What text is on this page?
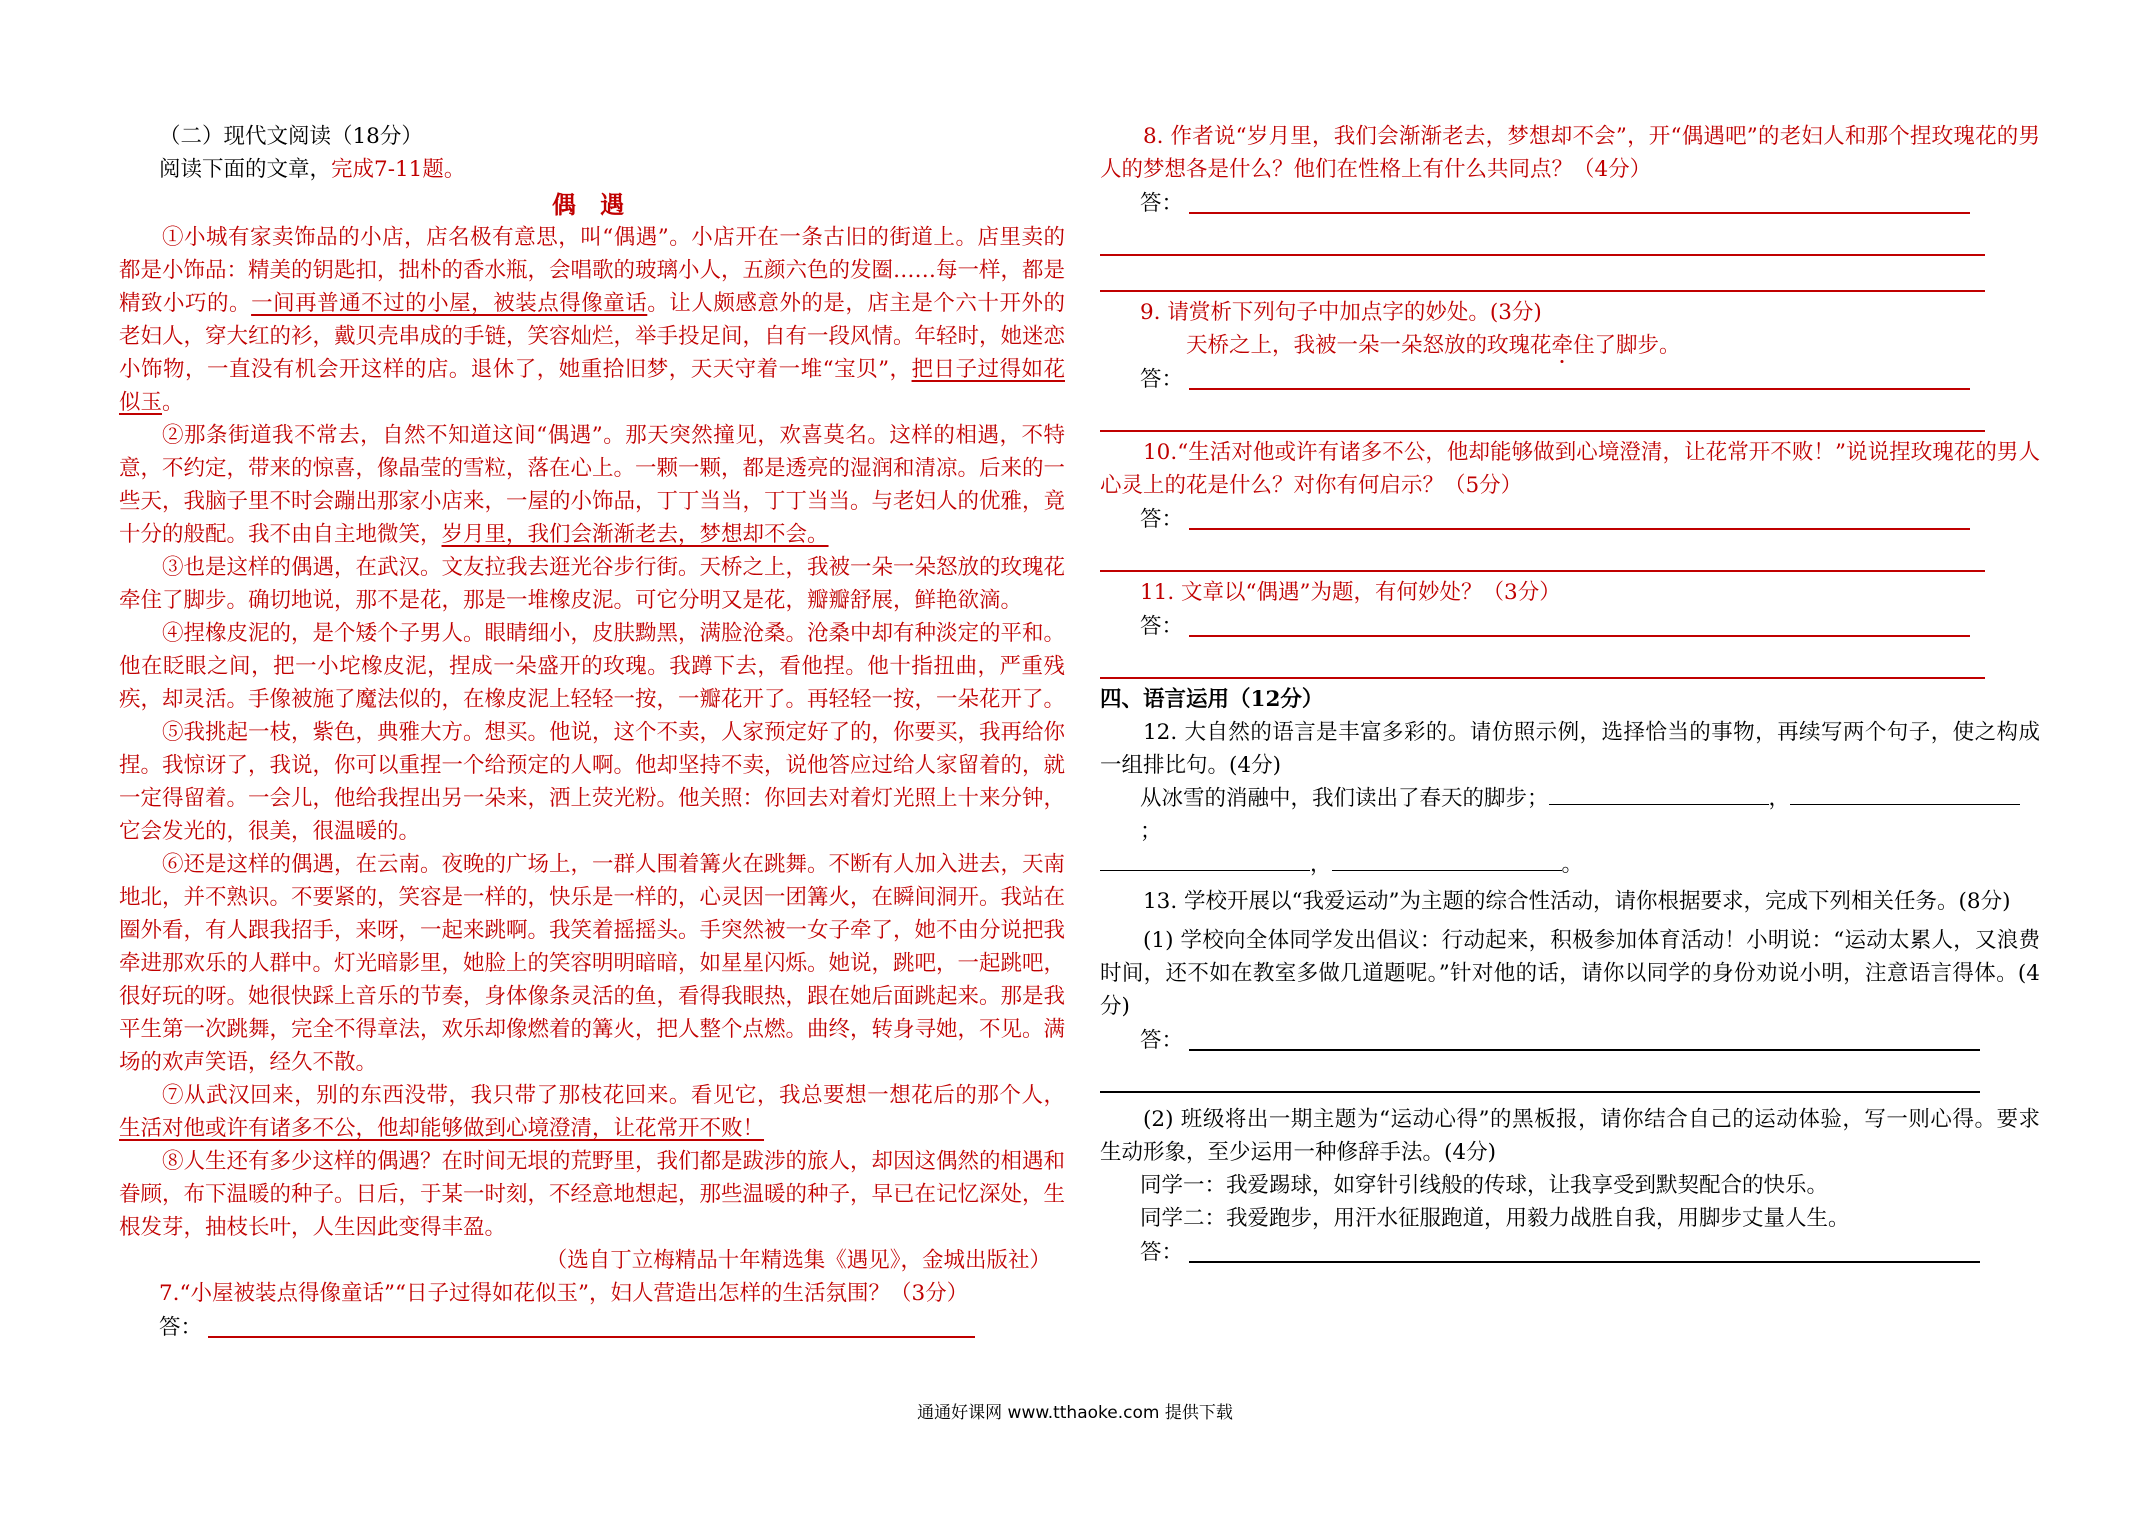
（二）现代文阅读（18分）

阅读下面的文章，完成7-11题。

偶 遇

①小城有家卖饰品的小店，店名极有意思，叫“偶遇”。小店开在一条古旧的街道上。店里卖的都是小饰品：精美的钥匙扣，拙朴的香水瓶，会唱歌的玻璃小人，五颜六色的发圈……每一样，都是精致小巧的。一间再普通不过的小屋，被装点得像童话。让人颇感意外的是，店主是个六十开外的老妇人，穿大红的衫，戴贝壳串成的手链，笑容灿烂，举手投足间，自有一段风情。年轻时，她迷恋小饰物，一直没有机会开这样的店。退休了，她重拾旧梦，天天守着一堆“宝贝”，把日子过得如花似玉。

②那条街道我不常去，自然不知道这间“偶遇”。那天突然撞见，欢喜莫名。这样的相遇，不特意，不约定，带来的惊喜，像晶莹的雪粒，落在心上。一颗一颗，都是透亮的湿润和清凉。后来的一些天，我脑子里不时会蹦出那家小店来，一屋的小饰品，丁丁当当，丁丁当当。与老妇人的优雅，竟十分的般配。我不由自主地微笑，岁月里，我们会渐渐老去，梦想却不会。

③也是这样的偶遇，在武汉。文友拉我去逛光谷步行街。天桥之上，我被一朵一朵怒放的玫瑰花牵住了脚步。确切地说，那不是花，那是一堆橡皮泥。可它分明又是花，瓣瓣舒展，鲜艳欲滴。

④捏橡皮泥的，是个矮个子男人。眼睛细小，皮肤黝黑，满脸沧桑。沧桑中却有种淡定的平和。他在眨眼之间，把一小坨橡皮泥，捏成一朵盛开的玫瑰。我蹲下去，看他捏。他十指扭曲，严重残疾，却灵活。手像被施了魔法似的，在橡皮泥上轻轻一按，一瓣花开了。再轻轻一按，一朵花开了。

⑤我挑起一枝，紫色，典雅大方。想买。他说，这个不卖，人家预定好了的，你要买，我再给你捏。我惊讶了，我说，你可以重捏一个给预定的人啊。他却坚持不卖，说他答应过给人家留着的，就一定得留着。一会儿，他给我捏出另一朵来，洒上荧光粉。他关照：你回去对着灯光照上十来分钟，它会发光的，很美，很温暖的。

⑥还是这样的偶遇，在云南。夜晚的广场上，一群人围着篝火在跳舞。不断有人加入进去，天南地北，并不熟识。不要紧的，笑容是一样的，快乐是一样的，心灵因一团篝火，在瞬间洞开。我站在圈外看，有人跟我招手，来呀，一起来跳啊。我笑着摇摇头。手突然被一女子牵了，她不由分说把我牵进那欢乐的人群中。灯光暗影里，她脸上的笑容明明暗暗，如星星闪烁。她说，跳吧，一起跳吧，很好玩的呀。她很快踩上音乐的节奏，身体像条灵活的鱼，看得我眼热，跟在她后面跳起来。那是我平生第一次跳舞，完全不得章法，欢乐却像燃着的篝火，把人整个点燃。曲终，转身寻她，不见。满场的欢声笑语，经久不散。

⑦从武汉回来，别的东西没带，我只带了那枝花回来。看见它，我总要想一想花后的那个人，生活对他或许有诸多不公，他却能够做到心境澄清，让花常开不败！

⑧人生还有多少这样的偶遇？在时间无垠的荒野里，我们都是跋涉的旅人，却因这偶然的相遇和眷顾，布下温暖的种子。日后，于某一时刻，不经意地想起，那些温暖的种子，早已在记忆深处，生根发芽，抽枝长叶，人生因此变得丰盈。

（选自丁立梅精品十年精选集《遇见》，金城出版社）

7.“小屋被装点得像童话”“日子过得如花似玉”，妇人营造出怎样的生活氛围？（3分）

答：

8. 作者说“岁月里，我们会渐渐老去，梦想却不会”，开“偶遇吧”的老妇人和那个捏玫瑰花的男人的梦想各是什么？他们在性格上有什么共同点？（4分）

答：

9. 请赏析下列句子中加点字的妙处。(3分)

天桥之上，我被一朵一朵怒放的玫瑰花牵住了脚步。

答：

10.“生活对他或许有诸多不公，他却能够做到心境澄清，让花常开不败！”说说捏玫瑰花的男人心灵上的花是什么？对你有何启示？（5分）

答：

11. 文章以“偶遇”为题，有何妙处？（3分）

答：

四、语言运用（12分）

12. 大自然的语言是丰富多彩的。请仿照示例，选择恰当的事物，再续写两个句子，使之构成一组排比句。(4分)

从冰雪的消融中，我们读出了春天的脚步；	，；

，	。

13. 学校开展以“我爱运动”为主题的综合性活动，请你根据要求，完成下列相关任务。(8分)

(1) 学校向全体同学发出倡议：行动起来，积极参加体育活动！小明说：“运动太累人，又浪费时间，还不如在教室多做几道题呢。”针对他的话，请你以同学的身份劝说小明，注意语言得体。(4分)

答：

(2) 班级将出一期主题为“运动心得”的黑板报，请你结合自己的运动体验，写一则心得。要求生动形象，至少运用一种修辞手法。(4分)

同学一：我爱踢球，如穿针引线般的传球，让我享受到默契配合的快乐。

同学二：我爱跑步，用汗水征服跑道，用毅力战胜自我，用脚步丈量人生。

答：
通通好课网 www.tthaoke.com 提供下载
